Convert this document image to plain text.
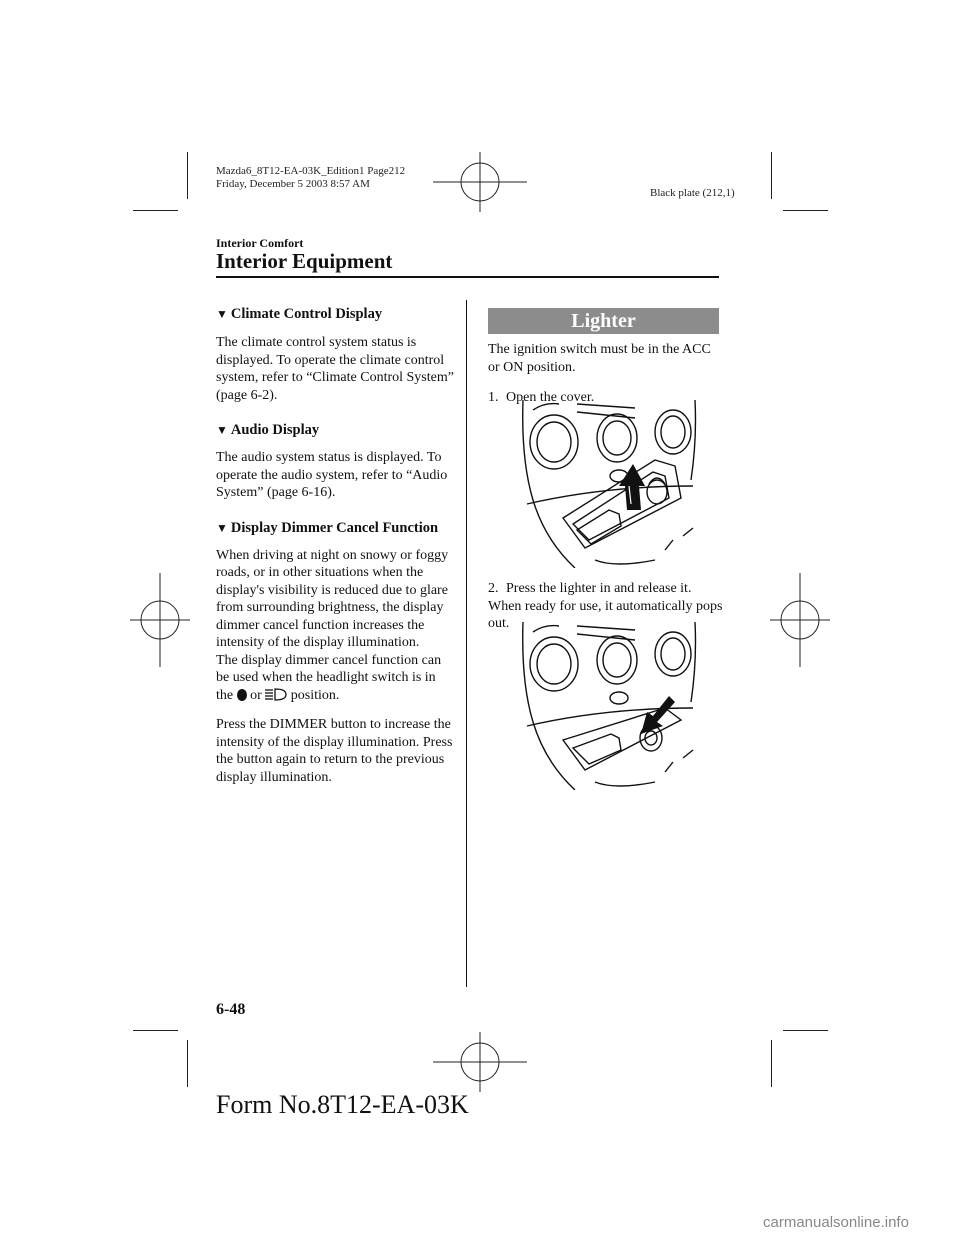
Mazda6_8T12-EA-03K_Edition1 Page212
Friday, December 5 2003 8:57 AM
Black plate (212,1)
Interior Comfort
Interior Equipment
▼ Climate Control Display

The climate control system status is displayed. To operate the climate control system, refer to “Climate Control System” (page 6-2).

▼ Audio Display

The audio system status is displayed. To operate the audio system, refer to “Audio System” (page 6-16).

▼ Display Dimmer Cancel Function

When driving at night on snowy or foggy roads, or in other situations when the display's visibility is reduced due to glare from surrounding brightness, the display dimmer cancel function increases the intensity of the display illumination.

The display dimmer cancel function can be used when the headlight switch is in the or position.

Press the DIMMER button to increase the intensity of the display illumination. Press the button again to return to the previous display illumination.

Lighter

The ignition switch must be in the ACC or ON position.

1. Open the cover.
2. Press the lighter in and release it. When ready for use, it automatically pops out.
6-48
Form No.8T12-EA-03K
carmanualsonline.info
